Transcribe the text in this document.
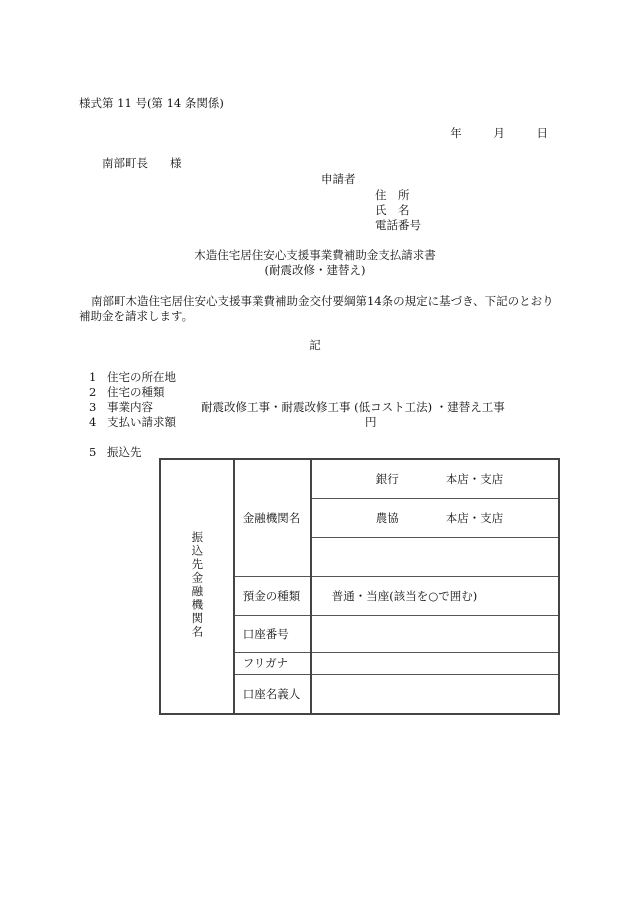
様式第 11 号(第 14 条関係)
年	月	日
南部町長 様
申請者
住　所
氏　名
電話番号
木造住宅居住安心支援事業費補助金支払請求書
(耐震改修・建替え)
南部町木造住宅居住安心支援事業費補助金交付要綱第14条の規定に基づき、下記のとおり補助金を請求します。
記
1 住宅の所在地
2 住宅の種類
3 事業内容	耐震改修工事・耐震改修工事 (低コスト工法) ・建替え工事
4 支払い請求額	円
5 振込先
振込先金融機関名	金融機関名	銀行 本店・支店

		農協 本店・支店

	預金の種類	普通・当座(該当を○で囲む)
	口座番号	
	フリガナ	
	口座名義人	
